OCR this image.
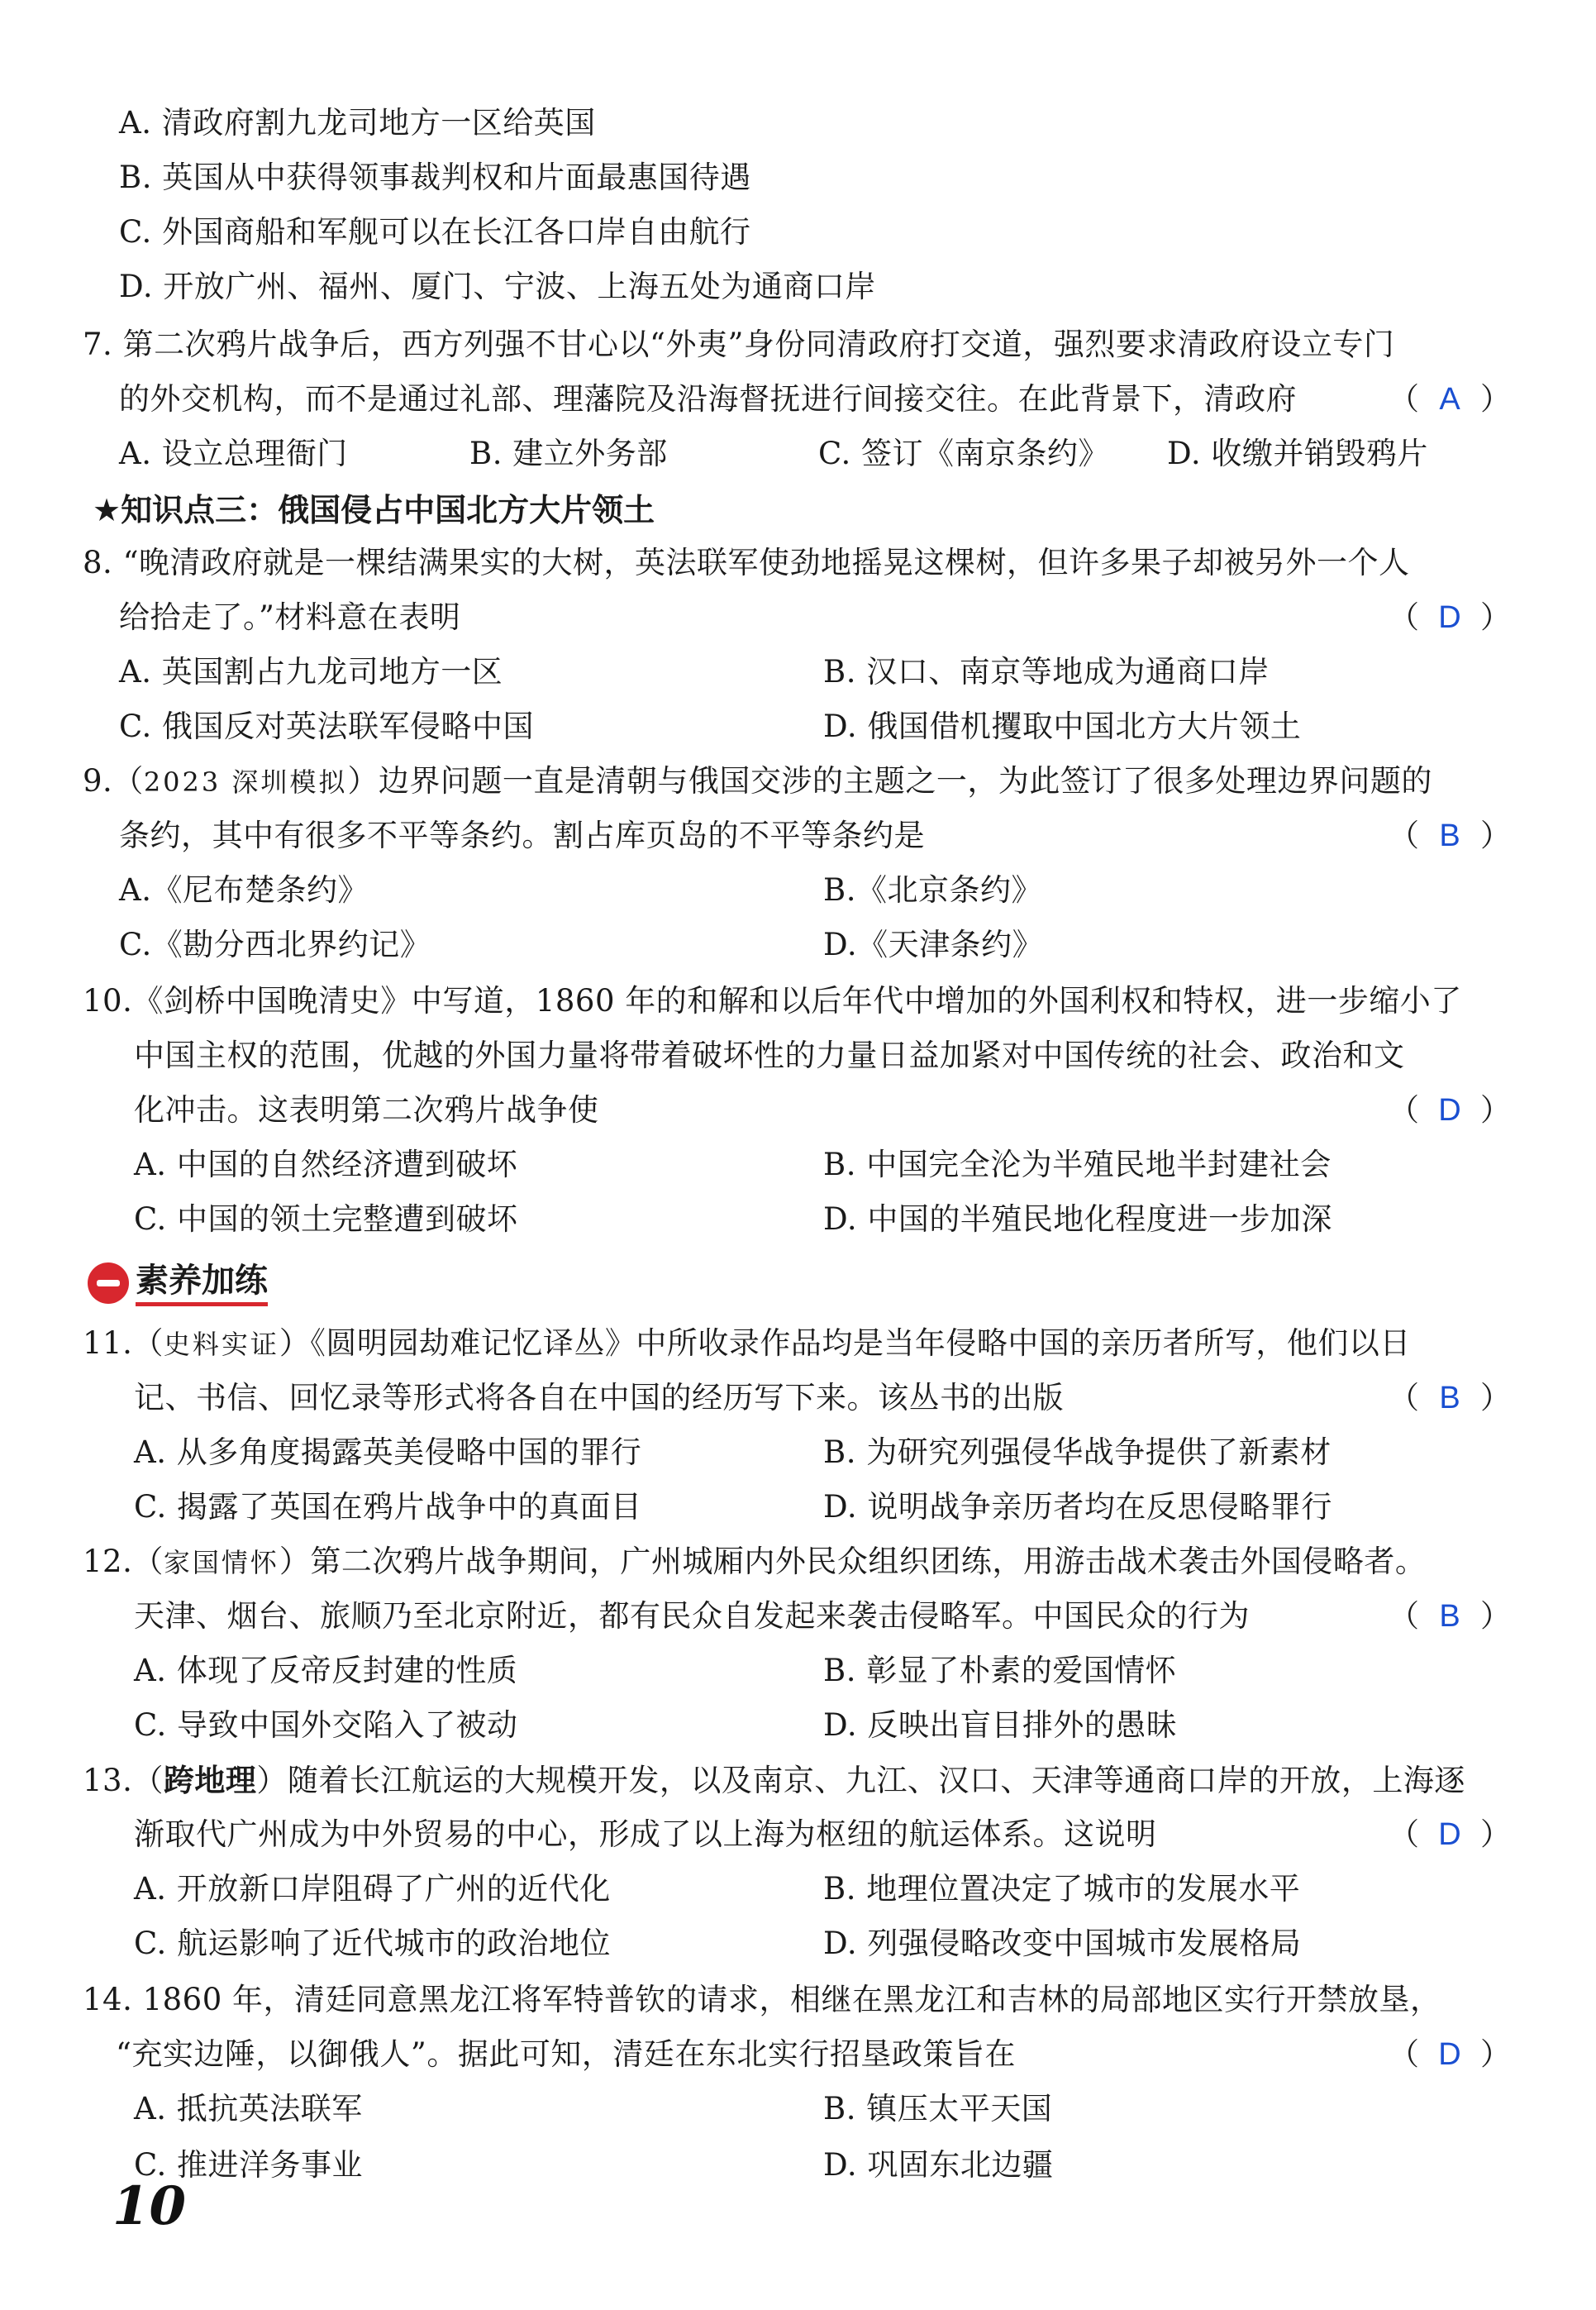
A. 清政府割九龙司地方一区给英国
B. 英国从中获得领事裁判权和片面最惠国待遇
C. 外国商船和军舰可以在长江各口岸自由航行
D. 开放广州、福州、厦门、宁波、上海五处为通商口岸
7. 第二次鸦片战争后，西方列强不甘心以“外夷”身份同清政府打交道，强烈要求清政府设立专门
的外交机构，而不是通过礼部、理藩院及沿海督抚进行间接交往。在此背景下，清政府	（ A ）
A. 设立总理衙门	B. 建立外务部	C. 签订《南京条约》 D. 收缴并销毁鸦片
★知识点三：俄国侵占中国北方大片领土
8. “晚清政府就是一棵结满果实的大树，英法联军使劲地摇晃这棵树，但许多果子却被另外一个人
给拾走了。”材料意在表明	（ D ）
A. 英国割占九龙司地方一区	B. 汉口、南京等地成为通商口岸
C. 俄国反对英法联军侵略中国	D. 俄国借机攫取中国北方大片领土
9.（2023 深圳模拟）边界问题一直是清朝与俄国交涉的主题之一，为此签订了很多处理边界问题的
条约，其中有很多不平等条约。割占库页岛的不平等条约是	（ B ）
A.《尼布楚条约》	B.《北京条约》
C.《勘分西北界约记》	D.《天津条约》
10.《剑桥中国晚清史》中写道，1860 年的和解和以后年代中增加的外国利权和特权，进一步缩小了
中国主权的范围，优越的外国力量将带着破坏性的力量日益加紧对中国传统的社会、政治和文
化冲击。这表明第二次鸦片战争使	（ D ）
A. 中国的自然经济遭到破坏	B. 中国完全沦为半殖民地半封建社会
C. 中国的领土完整遭到破坏	D. 中国的半殖民地化程度进一步加深
素养加练
11.（史料实证）《圆明园劫难记忆译丛》中所收录作品均是当年侵略中国的亲历者所写，他们以日
记、书信、回忆录等形式将各自在中国的经历写下来。该丛书的出版	（ B ）
A. 从多角度揭露英美侵略中国的罪行	B. 为研究列强侵华战争提供了新素材
C. 揭露了英国在鸦片战争中的真面目	D. 说明战争亲历者均在反思侵略罪行
12.（家国情怀）第二次鸦片战争期间，广州城厢内外民众组织团练，用游击战术袭击外国侵略者。
天津、烟台、旅顺乃至北京附近，都有民众自发起来袭击侵略军。中国民众的行为	（ B ）
A. 体现了反帝反封建的性质	B. 彰显了朴素的爱国情怀
C. 导致中国外交陷入了被动	D. 反映出盲目排外的愚昧
13.（跨地理）随着长江航运的大规模开发，以及南京、九江、汉口、天津等通商口岸的开放，上海逐
渐取代广州成为中外贸易的中心，形成了以上海为枢纽的航运体系。这说明	（ D ）
A. 开放新口岸阻碍了广州的近代化	B. 地理位置决定了城市的发展水平
C. 航运影响了近代城市的政治地位	D. 列强侵略改变中国城市发展格局
14. 1860 年，清廷同意黑龙江将军特普钦的请求，相继在黑龙江和吉林的局部地区实行开禁放垦，
“充实边陲，以御俄人”。据此可知，清廷在东北实行招垦政策旨在	（ D ）
A. 抵抗英法联军	B. 镇压太平天国
C. 推进洋务事业	D. 巩固东北边疆
10
